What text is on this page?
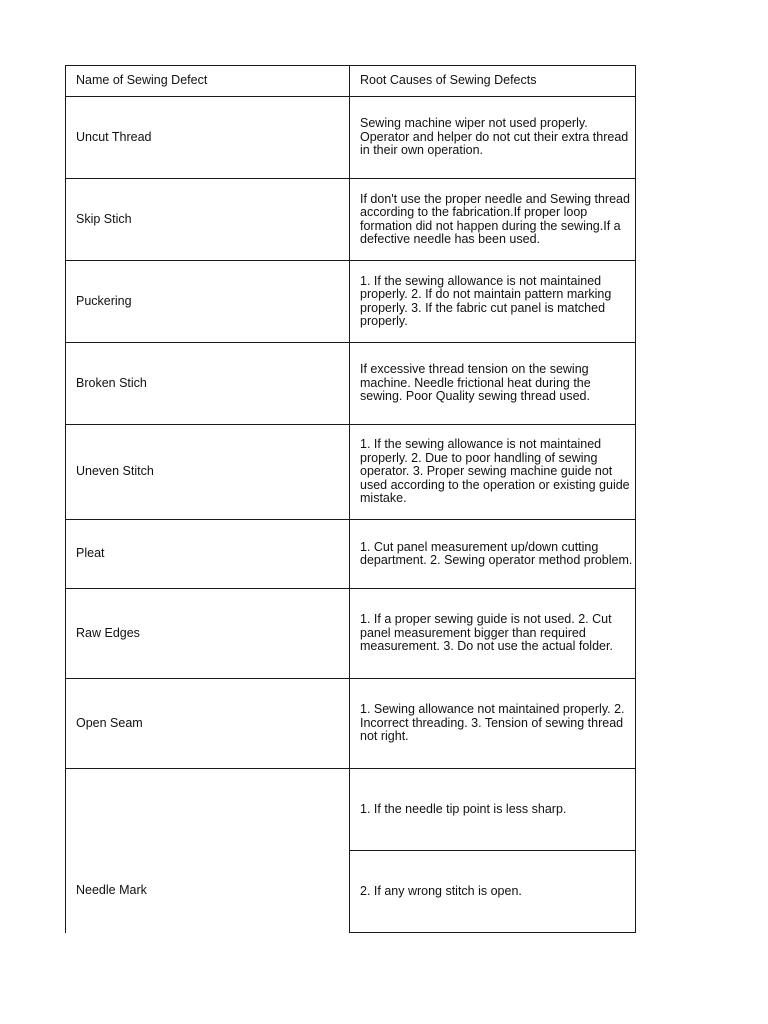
Name of Sewing Defect	Root Causes of Sewing Defects
Uncut Thread	Sewing machine wiper not used properly. Operator and helper do not cut their extra thread in their own operation.
Skip Stich	If don't use the proper needle and Sewing thread according to the fabrication.If proper loop formation did not happen during the sewing.If a defective needle has been used.
Puckering	1. If the sewing allowance is not maintained properly. 2. If do not maintain pattern marking properly. 3. If the fabric cut panel is matched properly.
Broken Stich	If excessive thread tension on the sewing machine. Needle frictional heat during the sewing. Poor Quality sewing thread used.
Uneven Stitch	1. If the sewing allowance is not maintained properly. 2. Due to poor handling of sewing operator. 3. Proper sewing machine guide not used according to the operation or existing guide mistake.
Pleat	1. Cut panel measurement up/down cutting department. 2. Sewing operator method problem.
Raw Edges	1. If a proper sewing guide is not used. 2. Cut panel measurement bigger than required measurement. 3. Do not use the actual folder.
Open Seam	1. Sewing allowance not maintained properly. 2. Incorrect threading. 3. Tension of sewing thread not right.
Needle Mark	1. If the needle tip point is less sharp.
	2. If any wrong stitch is open.
